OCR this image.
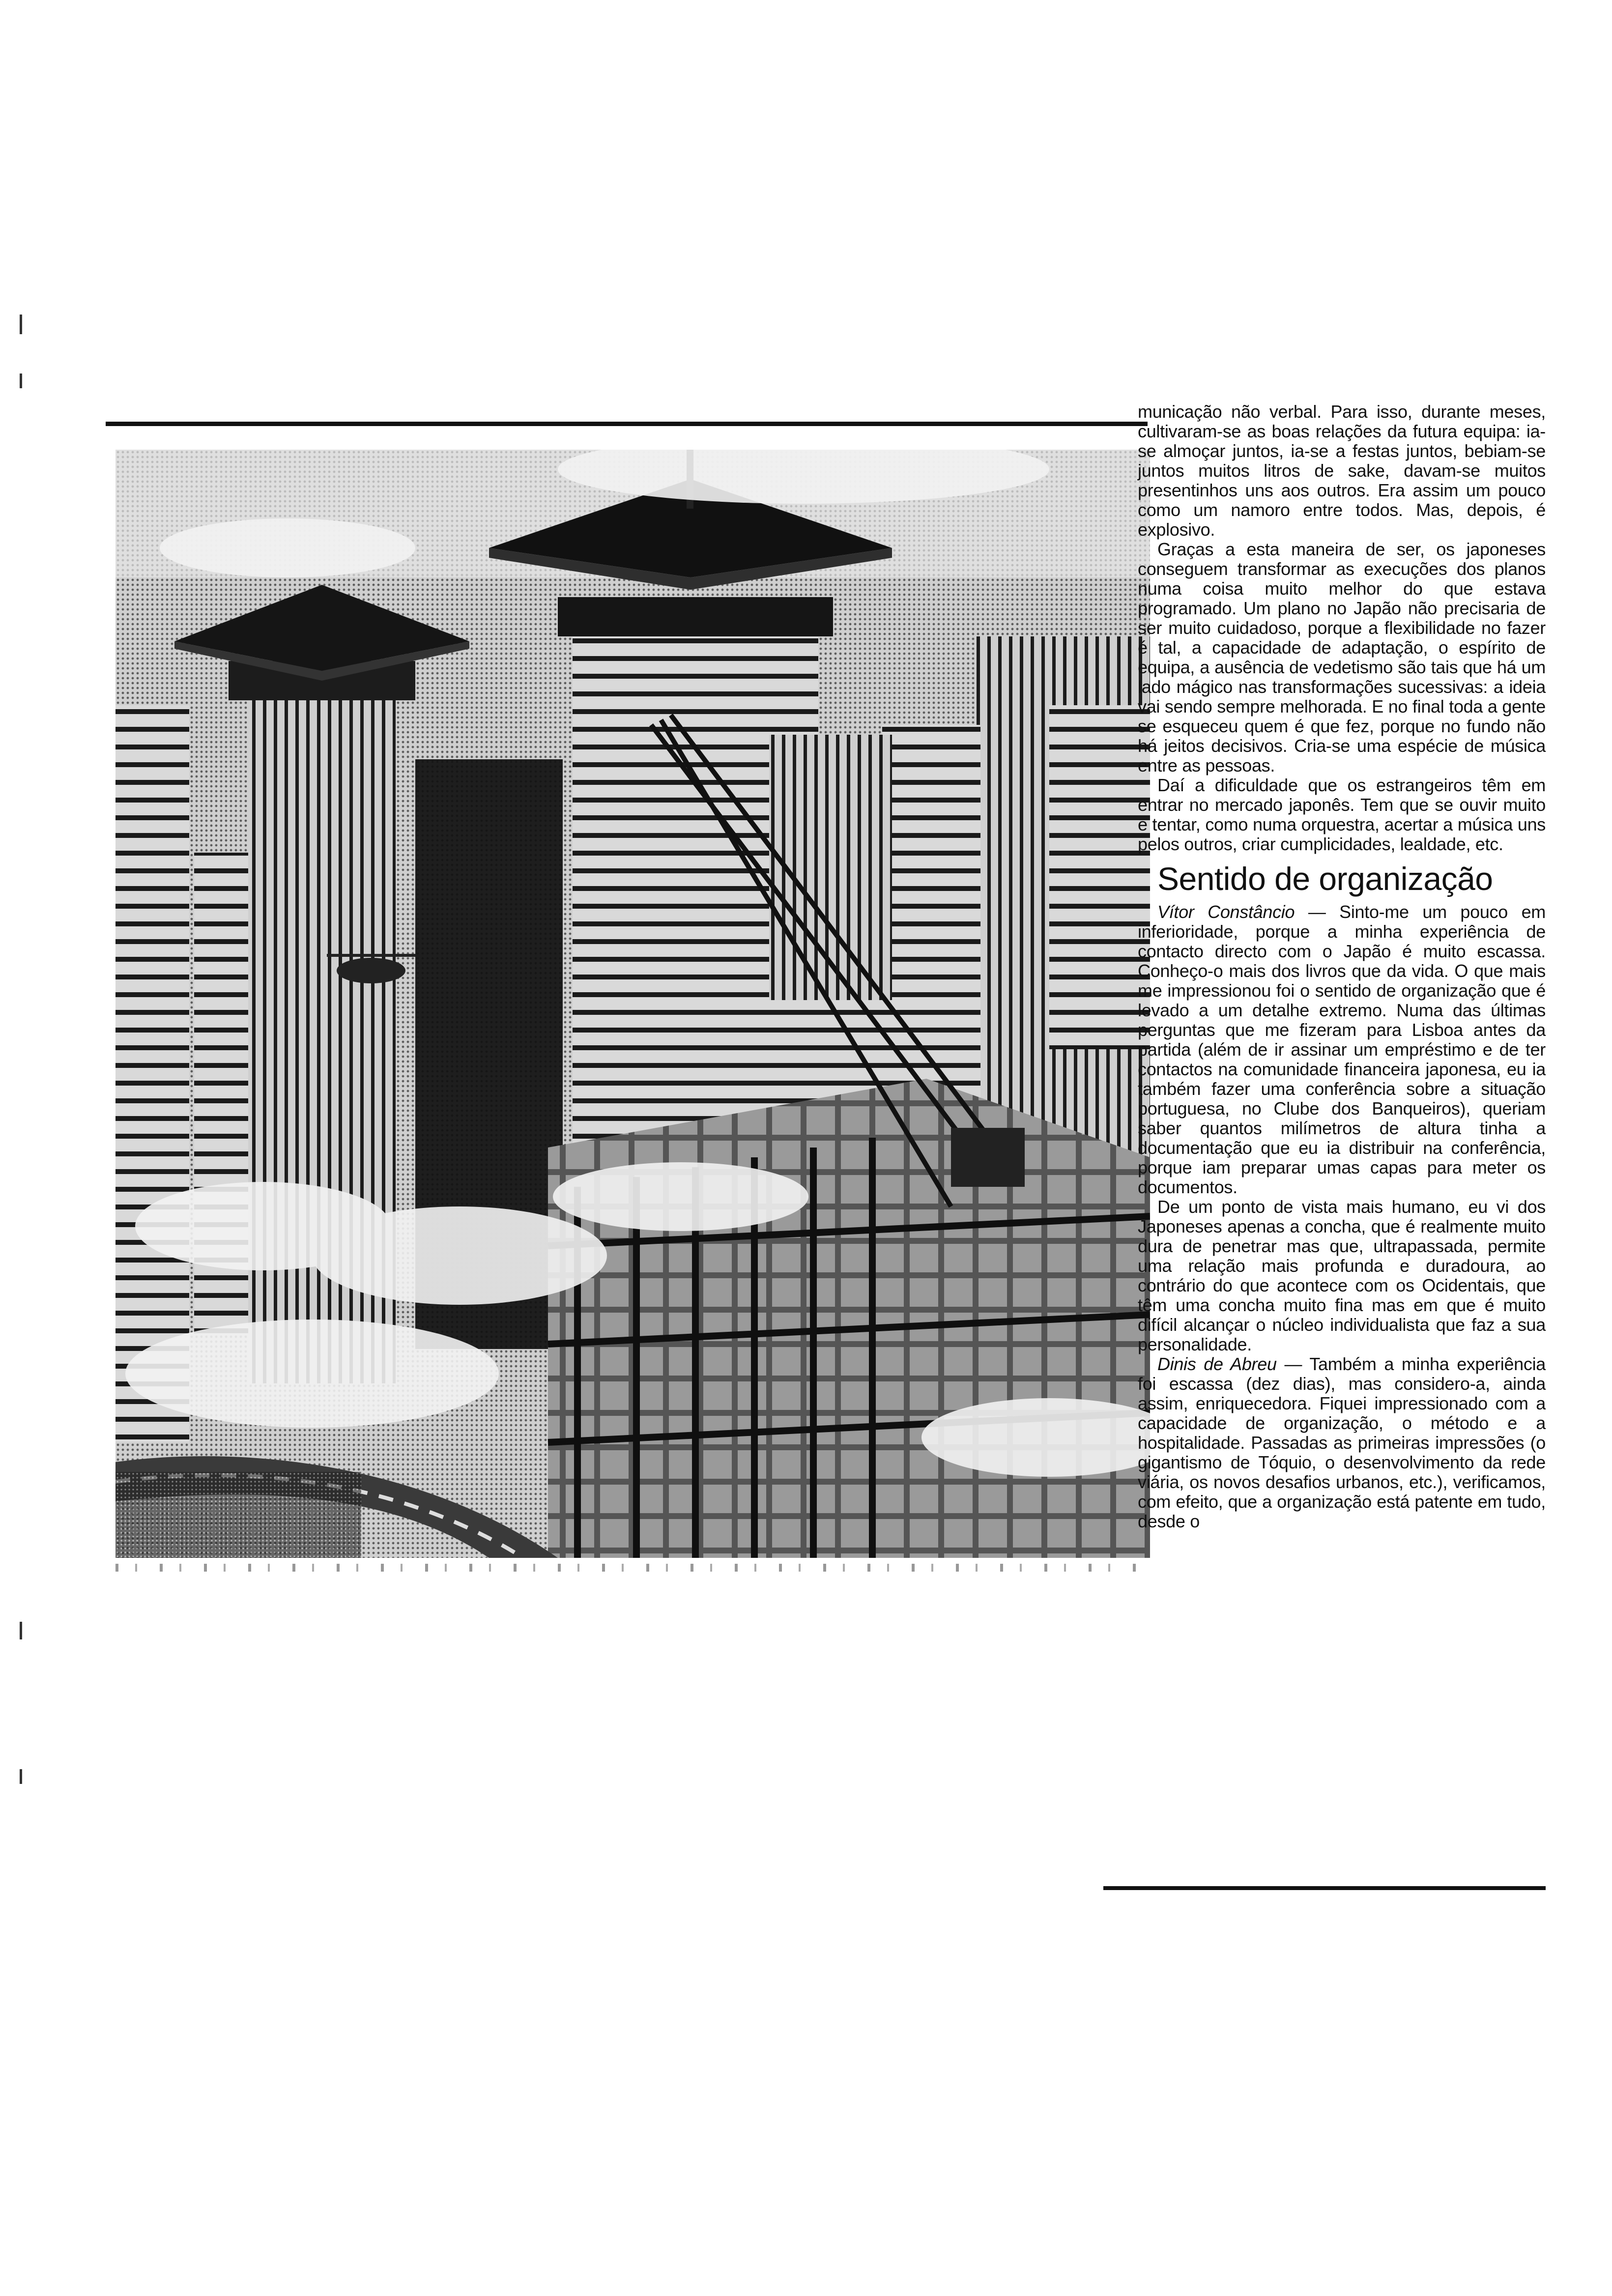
municação não verbal. Para isso, durante meses, cultivaram-se as boas relações da futura equipa: ia-se almoçar juntos, ia-se a festas juntos, bebiam-se juntos muitos litros de sake, davam-se muitos presentinhos uns aos outros. Era assim um pouco como um namoro entre todos. Mas, depois, é explosivo.

Graças a esta maneira de ser, os japoneses conseguem transformar as execuções dos planos numa coisa muito melhor do que estava programado. Um plano no Japão não precisaria de ser muito cuidadoso, porque a flexibilidade no fazer é tal, a capacidade de adaptação, o espírito de equipa, a ausência de vedetismo são tais que há um lado mágico nas transformações sucessivas: a ideia vai sendo sempre melhorada. E no final toda a gente se esqueceu quem é que fez, porque no fundo não há jeitos decisivos. Cria-se uma espécie de música entre as pessoas.

Daí a dificuldade que os estrangeiros têm em entrar no mercado japonês. Tem que se ouvir muito e tentar, como numa orquestra, acertar a música uns pelos outros, criar cumplicidades, lealdade, etc.

Sentido de organização

Vítor Constâncio — Sinto-me um pouco em inferioridade, porque a minha experiência de contacto directo com o Japão é muito escassa. Conheço-o mais dos livros que da vida. O que mais me impressionou foi o sentido de organização que é levado a um detalhe extremo. Numa das últimas perguntas que me fizeram para Lisboa antes da partida (além de ir assinar um empréstimo e de ter contactos na comunidade financeira japonesa, eu ia também fazer uma conferência sobre a situação portuguesa, no Clube dos Banqueiros), queriam saber quantos milímetros de altura tinha a documentação que eu ia distribuir na conferência, porque iam preparar umas capas para meter os documentos.

De um ponto de vista mais humano, eu vi dos Japoneses apenas a concha, que é realmente muito dura de penetrar mas que, ultrapassada, permite uma relação mais profunda e duradoura, ao contrário do que acontece com os Ocidentais, que têm uma concha muito fina mas em que é muito difícil alcançar o núcleo individualista que faz a sua personalidade.

Dinis de Abreu — Também a minha experiência foi escassa (dez dias), mas considero-a, ainda assim, enriquecedora. Fiquei impressionado com a capacidade de organização, o método e a hospitalidade. Passadas as primeiras impressões (o gigantismo de Tóquio, o desenvolvimento da rede viária, os novos desafios urbanos, etc.), verificamos, com efeito, que a organização está patente em tudo, desde o
